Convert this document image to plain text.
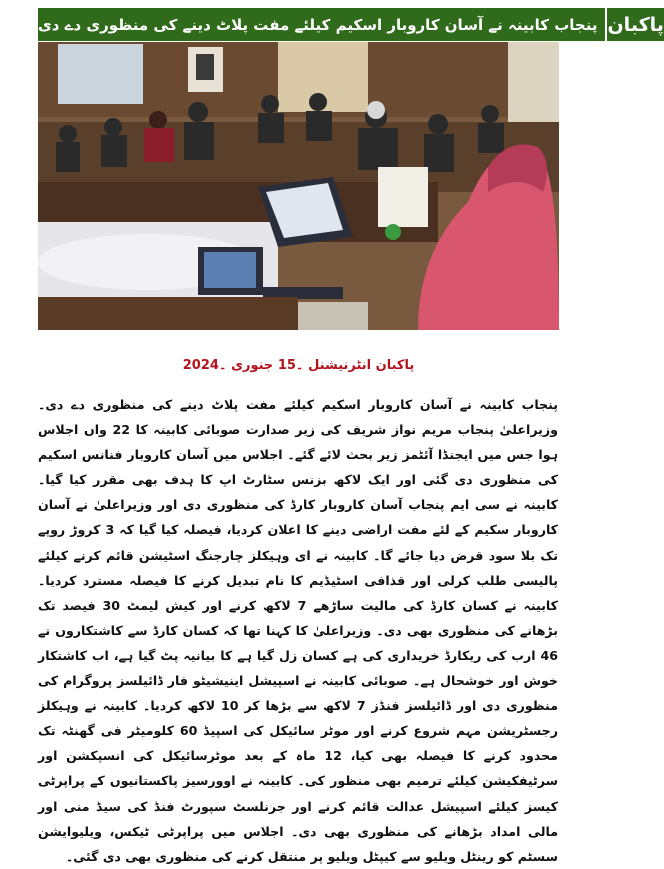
پنجاب کابینہ نے آسان کاروبار اسکیم کیلئے مفت پلاٹ دینے کی منظوری دے دی پاکبان
پاکبان انٹرنیشنل ۔15 جنوری ۔2024
پنجاب کابینہ نے آسان کاروبار اسکیم کیلئے مفت پلاٹ دینے کی منظوری دے دی۔ وزیراعلیٰ پنجاب مریم نواز شریف کی زیر صدارت صوبائی کابینہ کا 22 واں اجلاس ہوا جس میں ایجنڈا آئٹمز زیر بحث لائے گئے۔ اجلاس میں آسان کاروبار فنانس اسکیم کی منظوری دی گئی اور ایک لاکھ بزنس سٹارٹ اپ کا ہدف بھی مقرر کیا گیا۔ کابینہ نے سی ایم پنجاب آسان کاروبار کارڈ کی منظوری دی اور وزیراعلیٰ نے آسان کاروبار سکیم کے لئے مفت اراضی دینے کا اعلان کردیا، فیصلہ کیا گیا کہ 3 کروڑ روپے تک بلا سود قرض دیا جائے گا۔ کابینہ نے ای وہیکلز چارجنگ اسٹیشن قائم کرنے کیلئے پالیسی طلب کرلی اور قذافی اسٹیڈیم کا نام تبدیل کرنے کا فیصلہ مسترد کردیا۔ کابینہ نے کسان کارڈ کی مالیت ساڑھے 7 لاکھ کرنے اور کیش لیمٹ 30 فیصد تک بڑھانے کی منظوری بھی دی۔ وزیراعلیٰ کا کہنا تھا کہ کسان کارڈ سے کاشتکاروں نے 46 ارب کی ریکارڈ خریداری کی ہے کسان زل گیا ہے کا بیانیہ پٹ گیا ہے، اب کاشتکار خوش اور خوشحال ہے۔ صوبائی کابینہ نے اسپیشل اینیشیٹو فار ڈائیلسز پروگرام کی منظوری دی اور ڈائیلسز فنڈز 7 لاکھ سے بڑھا کر 10 لاکھ کردیا۔ کابینہ نے وہیکلز رجسٹریشن مہم شروع کرنے اور موٹر سائیکل کی اسپیڈ 60 کلومیٹر فی گھنٹہ تک محدود کرنے کا فیصلہ بھی کیا، 12 ماہ کے بعد موٹرسائیکل کی انسپکشن اور سرٹیفکیشن کیلئے ترمیم بھی منظور کی۔ کابینہ نے اوورسیز پاکستانیوں کے پراپرٹی کیسز کیلئے اسپیشل عدالت قائم کرنے اور جرنلسٹ سپورٹ فنڈ کی سیڈ منی اور مالی امداد بڑھانے کی منظوری بھی دی۔ اجلاس میں پراپرٹی ٹیکس، ویلیوایشن سسٹم کو رینٹل ویلیو سے کیپٹل ویلیو پر منتقل کرنے کی منظوری بھی دی گئی۔
